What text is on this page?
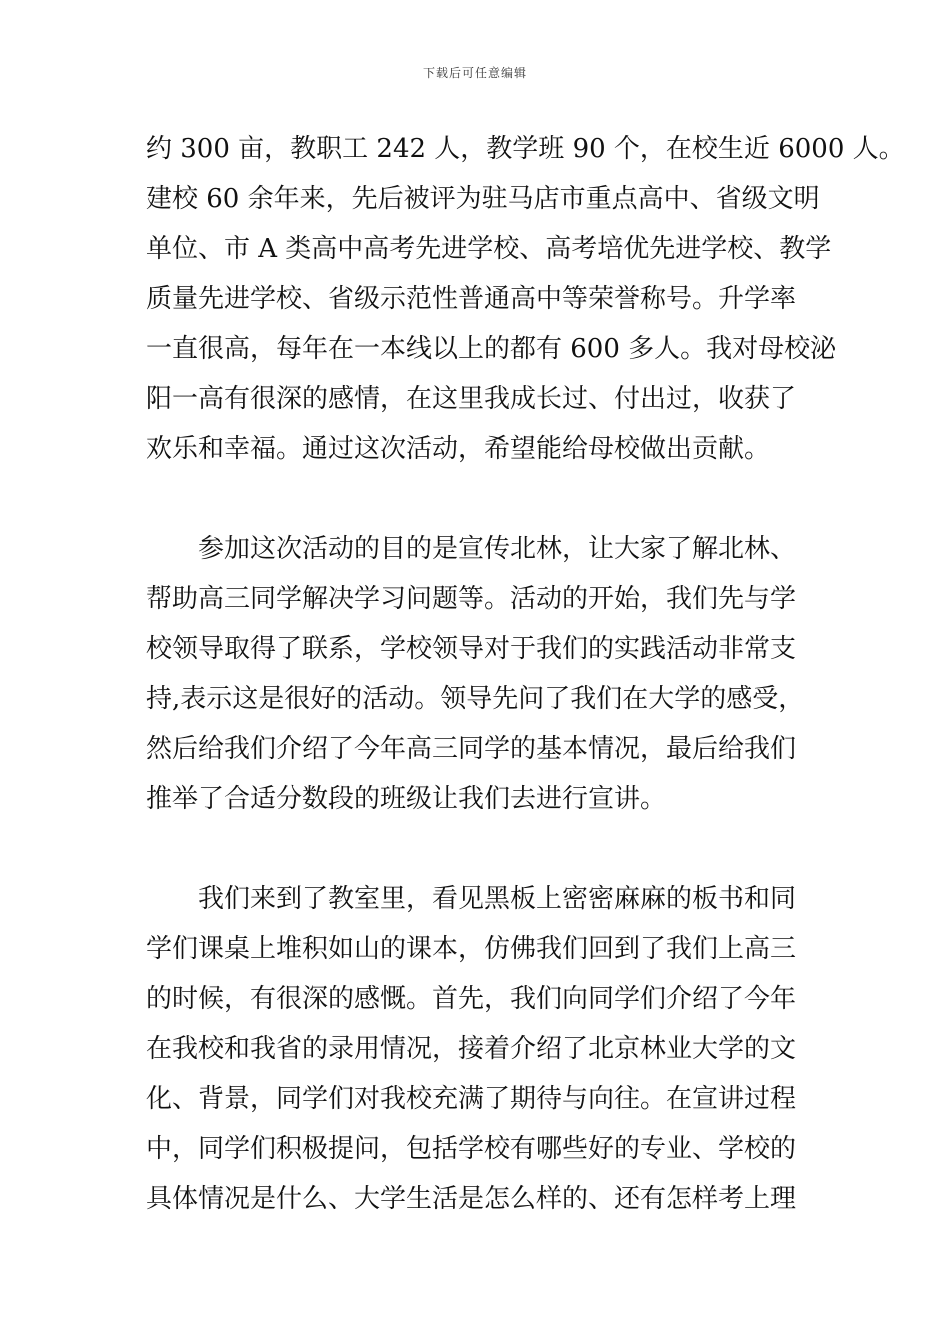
下载后可任意编辑
约 300 亩，教职工 242 人，教学班 90 个，在校生近 6000 人。
建校 60 余年来，先后被评为驻马店市重点高中、省级文明
单位、市 A 类高中高考先进学校、高考培优先进学校、教学
质量先进学校、省级示范性普通高中等荣誉称号。升学率
一直很高，每年在一本线以上的都有 600 多人。我对母校泌
阳一高有很深的感情，在这里我成长过、付出过，收获了
欢乐和幸福。通过这次活动，希望能给母校做出贡献。
参加这次活动的目的是宣传北林，让大家了解北林、
帮助高三同学解决学习问题等。活动的开始，我们先与学
校领导取得了联系，学校领导对于我们的实践活动非常支
持,表示这是很好的活动。领导先问了我们在大学的感受，
然后给我们介绍了今年高三同学的基本情况，最后给我们
推举了合适分数段的班级让我们去进行宣讲。
我们来到了教室里，看见黑板上密密麻麻的板书和同
学们课桌上堆积如山的课本，仿佛我们回到了我们上高三
的时候，有很深的感慨。首先，我们向同学们介绍了今年
在我校和我省的录用情况，接着介绍了北京林业大学的文
化、背景，同学们对我校充满了期待与向往。在宣讲过程
中，同学们积极提问，包括学校有哪些好的专业、学校的
具体情况是什么、大学生活是怎么样的、还有怎样考上理
